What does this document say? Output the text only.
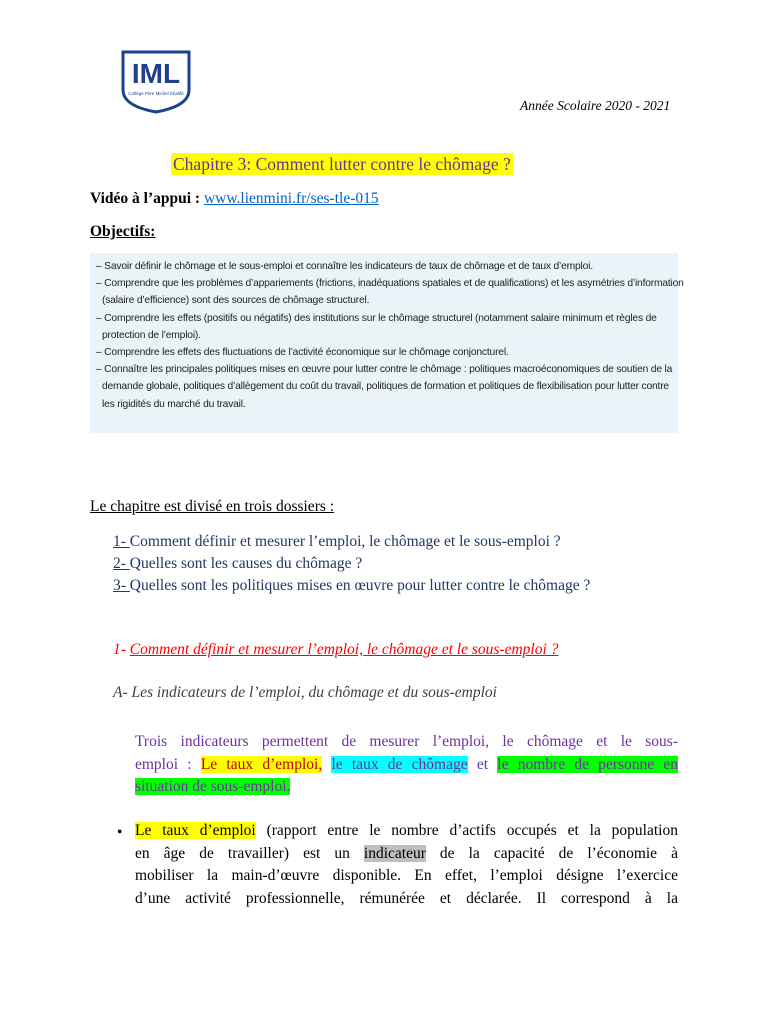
IML
Collège Père Michel Khalifé
Année Scolaire 2020 - 2021
Chapitre 3: Comment lutter contre le chômage ?
Vidéo à l’appui : www.lienmini.fr/ses-tle-015
Objectifs:
– Savoir définir le chômage et le sous-emploi et connaître les indicateurs de taux de chômage et de taux d’emploi.
– Comprendre que les problèmes d’appariements (frictions, inadéquations spatiales et de qualifications) et les asymétries d’information
(salaire d’efficience) sont des sources de chômage structurel.
– Comprendre les effets (positifs ou négatifs) des institutions sur le chômage structurel (notamment salaire minimum et règles de
protection de l’emploi).
– Comprendre les effets des fluctuations de l’activité économique sur le chômage conjoncturel.
– Connaître les principales politiques mises en œuvre pour lutter contre le chômage : politiques macroéconomiques de soutien de la
demande globale, politiques d’allègement du coût du travail, politiques de formation et politiques de flexibilisation pour lutter contre
les rigidités du marché du travail.
Le chapitre est divisé en trois dossiers :
1- Comment définir et mesurer l’emploi, le chômage et le sous-emploi ?
2- Quelles sont les causes du chômage ?
3- Quelles sont les politiques mises en œuvre pour lutter contre le chômage ?
1- Comment définir et mesurer l’emploi, le chômage et le sous-emploi ?
A- Les indicateurs de l’emploi, du chômage et du sous-emploi
Trois indicateurs permettent de mesurer l’emploi, le chômage et le sous-
emploi : Le taux d’emploi, le taux de chômage et le nombre de personne en
situation de sous-emploi.
• Le taux d’emploi (rapport entre le nombre d’actifs occupés et la population
en âge de travailler) est un indicateur de la capacité de l’économie à
mobiliser la main-d’œuvre disponible. En effet, l’emploi désigne l’exercice
d’une activité professionnelle, rémunérée et déclarée. Il correspond à la
